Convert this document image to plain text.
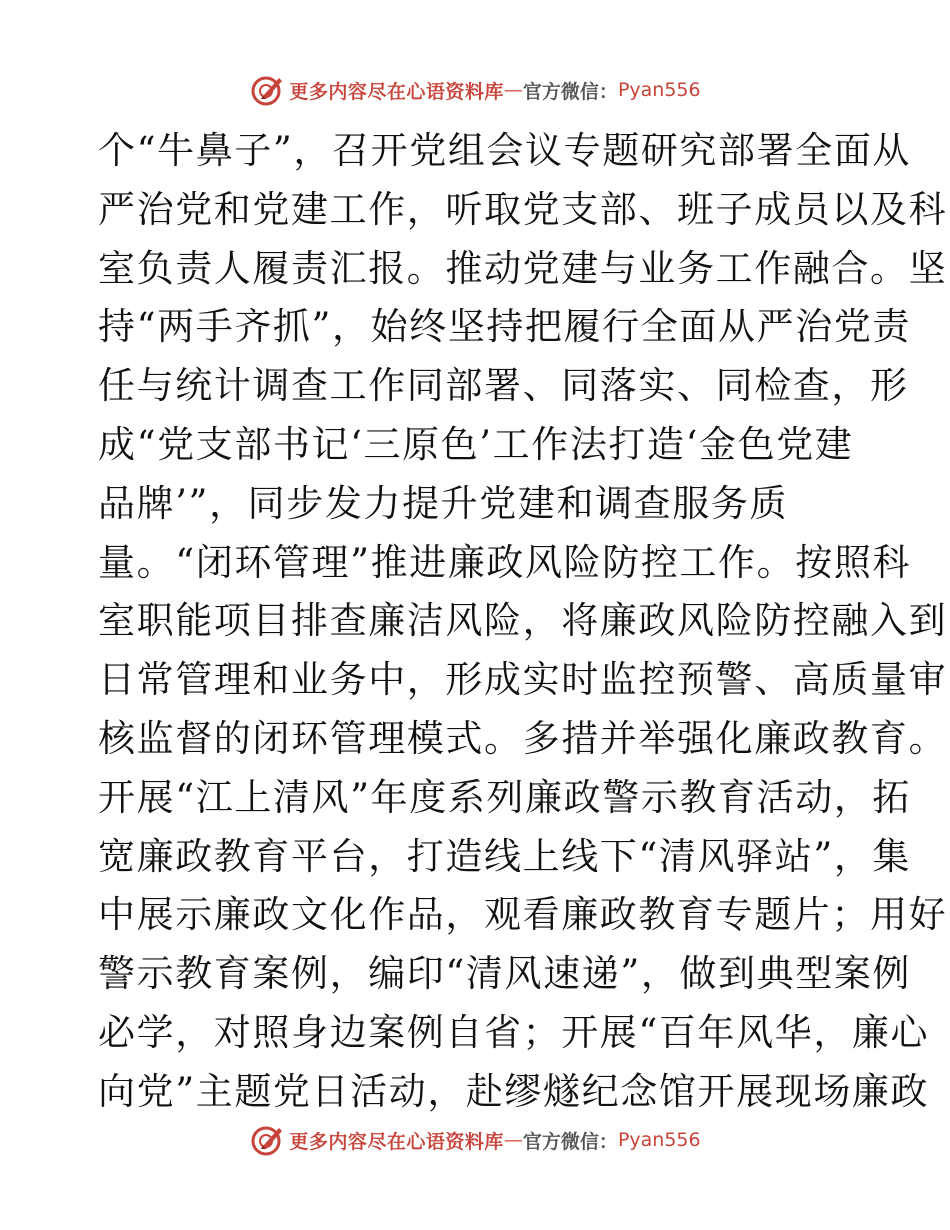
更多内容尽在心语资料库 — 官方微信： Pyan556
个“牛鼻子”，召开党组会议专题研究部署全面从
严治党和党建工作，听取党支部、班子成员以及科
室负责人履责汇报。推动党建与业务工作融合。坚
持“两手齐抓”，始终坚持把履行全面从严治党责
任与统计调查工作同部署、同落实、同检查，形
成“党支部书记‘三原色’工作法打造‘金色党建
品牌’”，同步发力提升党建和调查服务质
量。“闭环管理”推进廉政风险防控工作。按照科
室职能项目排查廉洁风险，将廉政风险防控融入到
日常管理和业务中，形成实时监控预警、高质量审
核监督的闭环管理模式。多措并举强化廉政教育。
开展“江上清风”年度系列廉政警示教育活动，拓
宽廉政教育平台，打造线上线下“清风驿站”，集
中展示廉政文化作品，观看廉政教育专题片；用好
警示教育案例，编印“清风速递”，做到典型案例
必学，对照身边案例自省；开展“百年风华，廉心
向党”主题党日活动，赴缪燧纪念馆开展现场廉政
更多内容尽在心语资料库 — 官方微信： Pyan556
